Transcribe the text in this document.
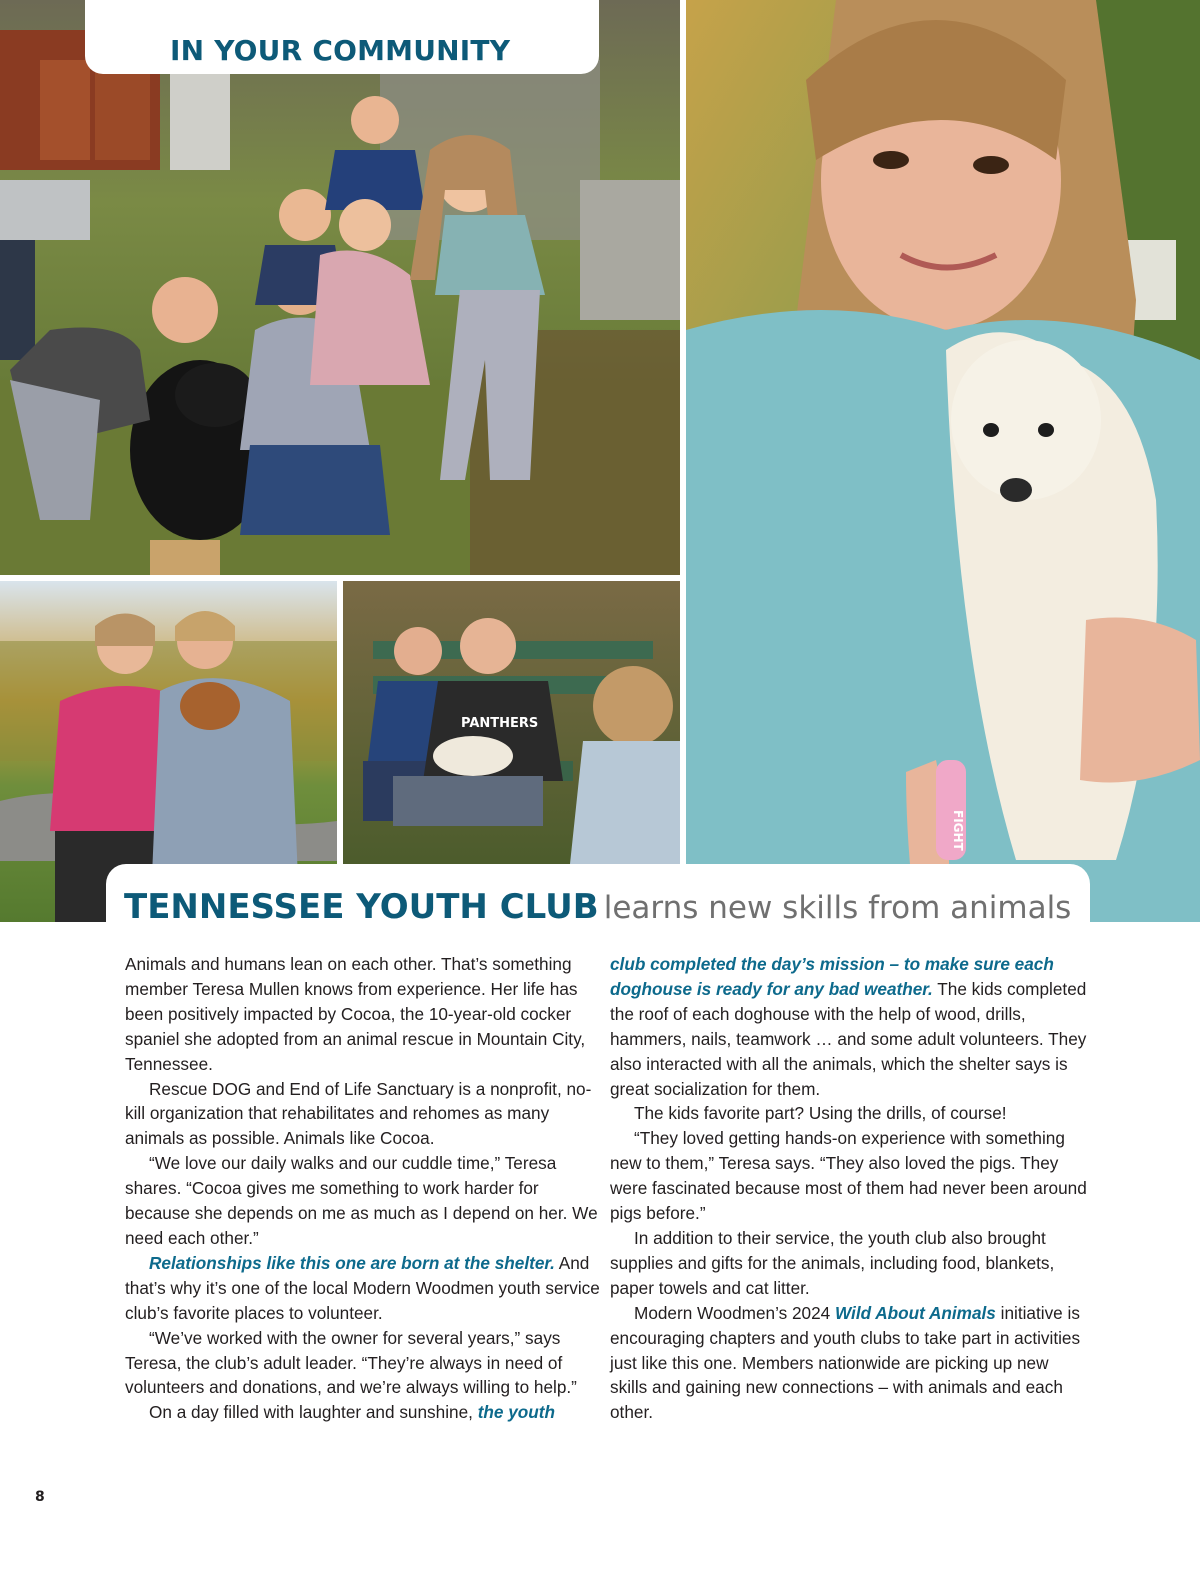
FIGHT
PANTHERS
IN YOUR COMMUNITY
TENNESSEE YOUTH CLUB learns new skills from animals

Animals and humans lean on each other. That’s something member Teresa Mullen knows from experience. Her life has been positively impacted by Cocoa, the 10-year-old cocker spaniel she adopted from an animal rescue in Mountain City, Tennessee.

Rescue DOG and End of Life Sanctuary is a nonprofit, no-kill organization that rehabilitates and rehomes as many animals as possible. Animals like Cocoa.

“We love our daily walks and our cuddle time,” Teresa shares. “Cocoa gives me something to work harder for because she depends on me as much as I depend on her. We need each other.”

Relationships like this one are born at the shelter. And that’s why it’s one of the local Modern Woodmen youth service club’s favorite places to volunteer.

“We’ve worked with the owner for several years,” says Teresa, the club’s adult leader. “They’re always in need of volunteers and donations, and we’re always willing to help.”

On a day filled with laughter and sunshine, the youth

club completed the day’s mission – to make sure each doghouse is ready for any bad weather. The kids completed the roof of each doghouse with the help of wood, drills, hammers, nails, teamwork … and some adult volunteers. They also interacted with all the animals, which the shelter says is great socialization for them.

The kids favorite part? Using the drills, of course!

“They loved getting hands-on experience with something new to them,” Teresa says. “They also loved the pigs. They were fascinated because most of them had never been around pigs before.”

In addition to their service, the youth club also brought supplies and gifts for the animals, including food, blankets, paper towels and cat litter.

Modern Woodmen’s 2024 Wild About Animals initiative is encouraging chapters and youth clubs to take part in activities just like this one. Members nationwide are picking up new skills and gaining new connections – with animals and each other.

8
